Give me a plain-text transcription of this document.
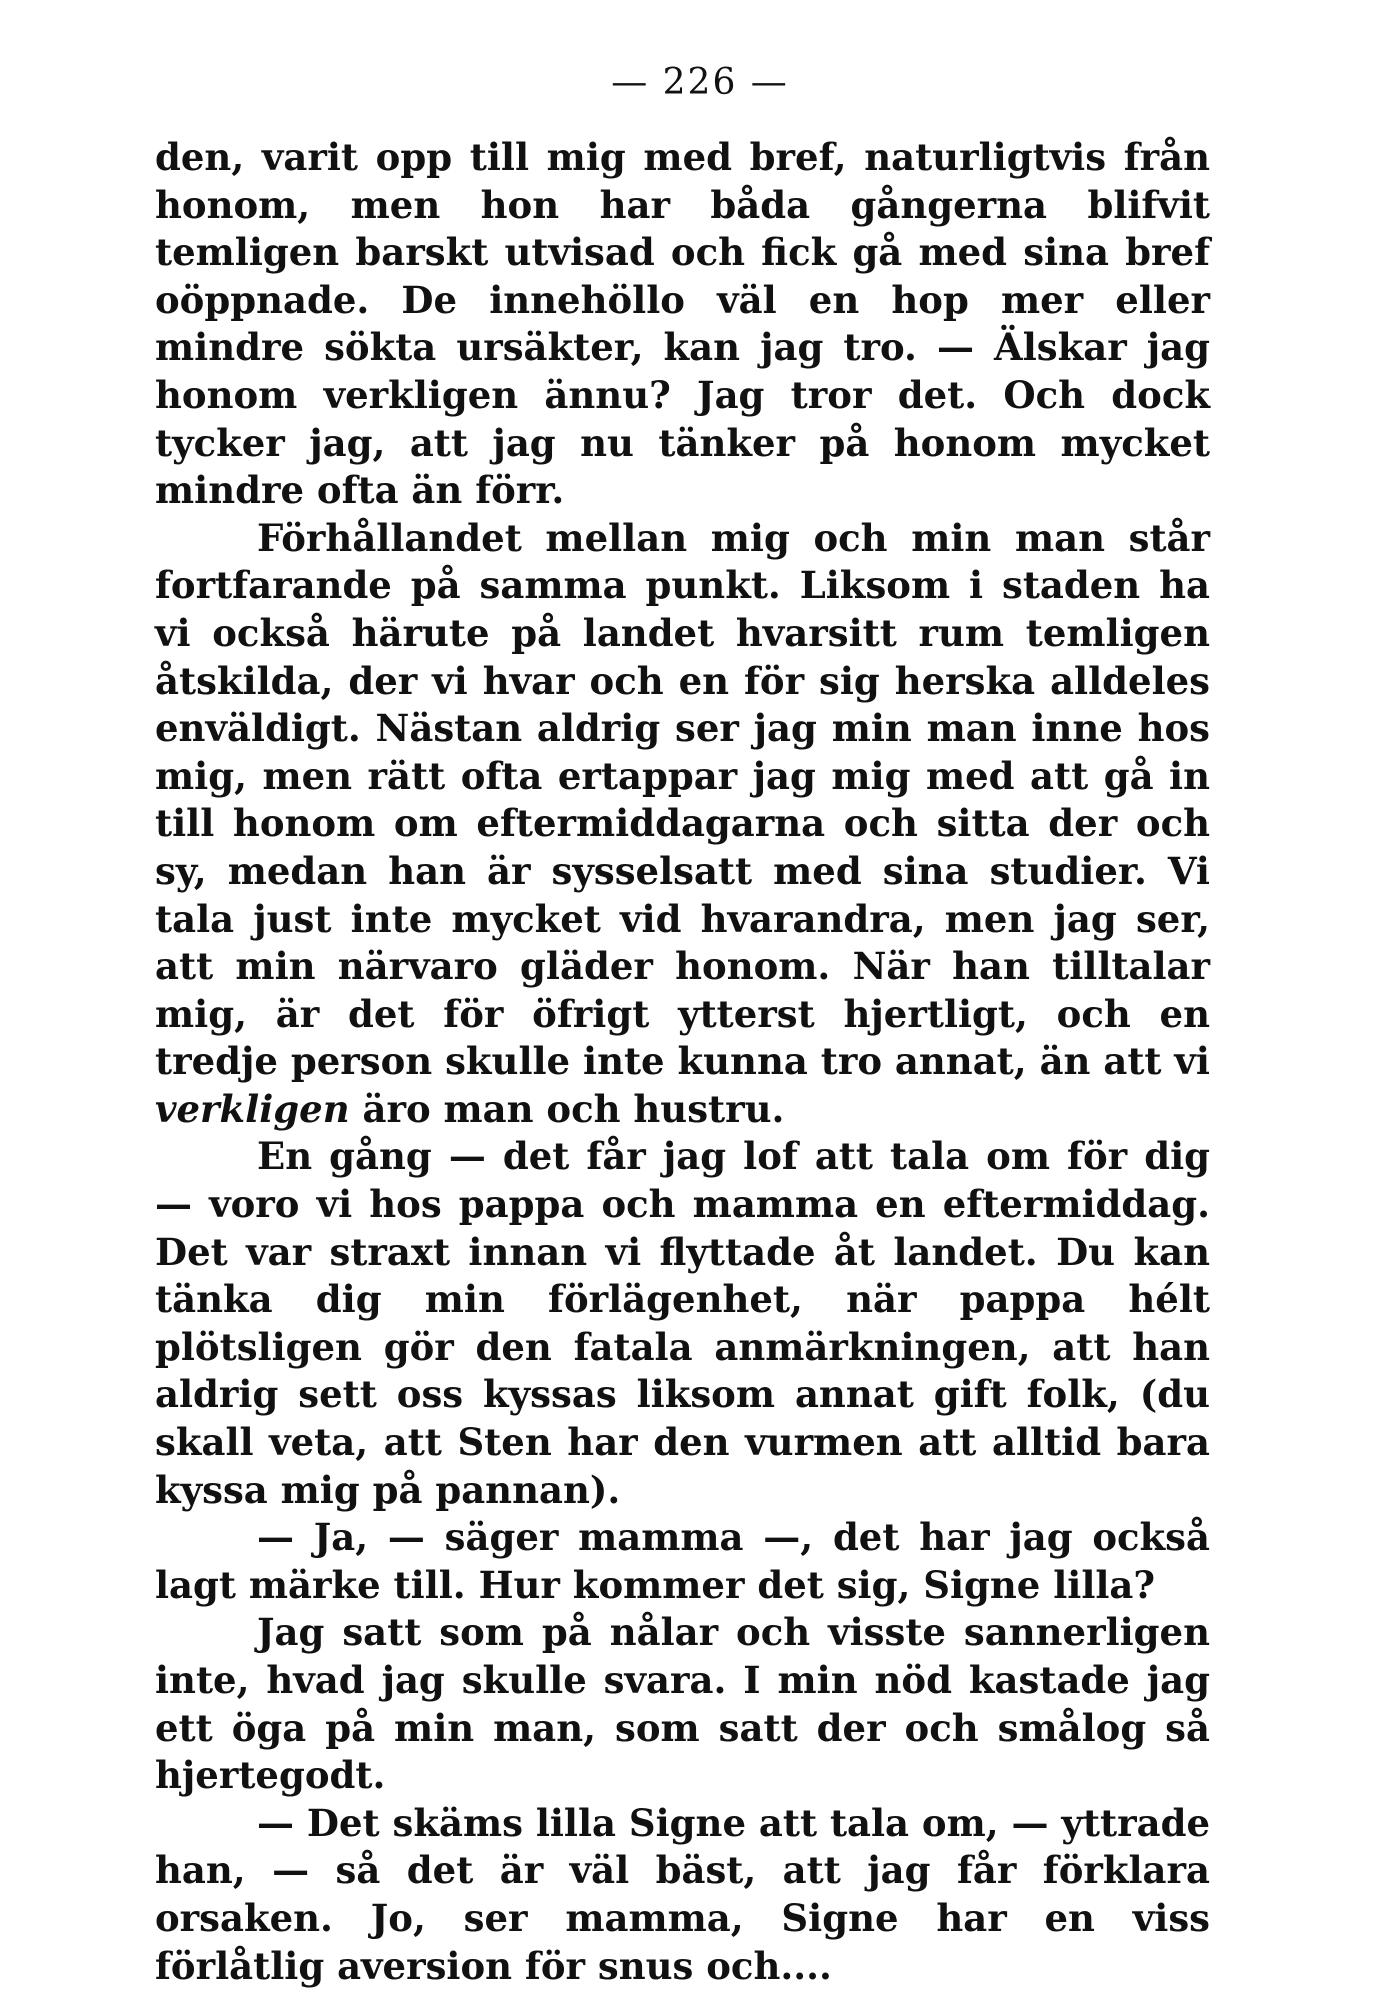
— 226 —

den, varit opp till mig med bref, naturligtvis från honom, men hon har båda gångerna blifvit temligen barskt utvisad och fick gå med sina bref oöppnade. De innehöllo väl en hop mer eller mindre sökta ursäkter, kan jag tro. — Älskar jag honom verkligen ännu? Jag tror det. Och dock tycker jag, att jag nu tänker på honom mycket mindre ofta än förr.

Förhållandet mellan mig och min man står fortfarande på samma punkt. Liksom i staden ha vi också härute på landet hvarsitt rum temligen åtskilda, der vi hvar och en för sig herska alldeles enväldigt. Nästan aldrig ser jag min man inne hos mig, men rätt ofta ertappar jag mig med att gå in till honom om eftermiddagarna och sitta der och sy, medan han är sysselsatt med sina studier. Vi tala just inte mycket vid hvarandra, men jag ser, att min närvaro gläder honom. När han tilltalar mig, är det för öfrigt ytterst hjertligt, och en tredje person skulle inte kunna tro annat, än att vi verkligen äro man och hustru.

En gång — det får jag lof att tala om för dig — voro vi hos pappa och mamma en eftermiddag. Det var straxt innan vi flyttade åt landet. Du kan tänka dig min förlägenhet, när pappa hélt plötsligen gör den fatala anmärkningen, att han aldrig sett oss kyssas liksom annat gift folk, (du skall veta, att Sten har den vurmen att alltid bara kyssa mig på pannan).

— Ja, — säger mamma —, det har jag också lagt märke till. Hur kommer det sig, Signe lilla?

Jag satt som på nålar och visste sannerligen inte, hvad jag skulle svara. I min nöd kastade jag ett öga på min man, som satt der och smålog så hjertegodt.

— Det skäms lilla Signe att tala om, — yttrade han, — så det är väl bäst, att jag får förklara orsaken. Jo, ser mamma, Signe har en viss förlåtlig aversion för snus och....
